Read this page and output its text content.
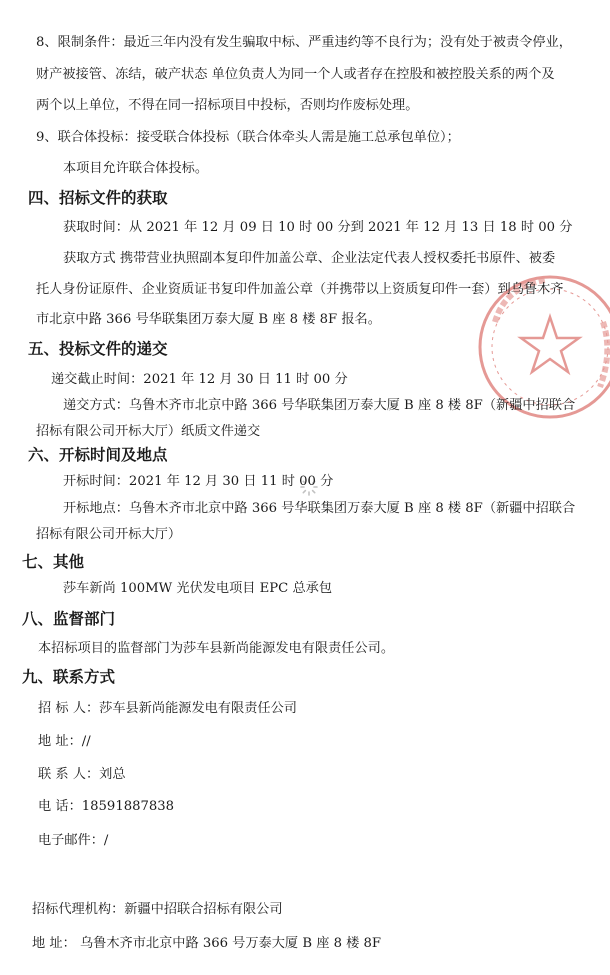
8、限制条件：最近三年内没有发生骗取中标、严重违约等不良行为；没有处于被责令停业，
财产被接管、冻结，破产状态 单位负责人为同一个人或者存在控股和被控股关系的两个及
两个以上单位，不得在同一招标项目中投标，否则均作废标处理。
9、联合体投标：接受联合体投标（联合体牵头人需是施工总承包单位）；
本项目允许联合体投标。
四、招标文件的获取
获取时间：从 2021 年 12 月 09 日 10 时 00 分到 2021 年 12 月 13 日 18 时 00 分
获取方式 携带营业执照副本复印件加盖公章、企业法定代表人授权委托书原件、被委
托人身份证原件、企业资质证书复印件加盖公章（并携带以上资质复印件一套）到乌鲁木齐
市北京中路 366 号华联集团万泰大厦 B 座 8 楼 8F 报名。
五、投标文件的递交
递交截止时间：2021 年 12 月 30 日 11 时 00 分
递交方式：乌鲁木齐市北京中路 366 号华联集团万泰大厦 B 座 8 楼 8F（新疆中招联合
招标有限公司开标大厅）纸质文件递交
六、开标时间及地点
开标时间：2021 年 12 月 30 日 11 时 00 分
开标地点：乌鲁木齐市北京中路 366 号华联集团万泰大厦 B 座 8 楼 8F（新疆中招联合
招标有限公司开标大厅）
七、其他
莎车新尚 100MW 光伏发电项目 EPC 总承包
八、监督部门
本招标项目的监督部门为莎车县新尚能源发电有限责任公司。
九、联系方式
招 标 人：莎车县新尚能源发电有限责任公司
地 址：//
联 系 人：刘总
电 话：18591887838
电子邮件：/
招标代理机构：新疆中招联合招标有限公司
地 址： 乌鲁木齐市北京中路 366 号万泰大厦 B 座 8 楼 8F
